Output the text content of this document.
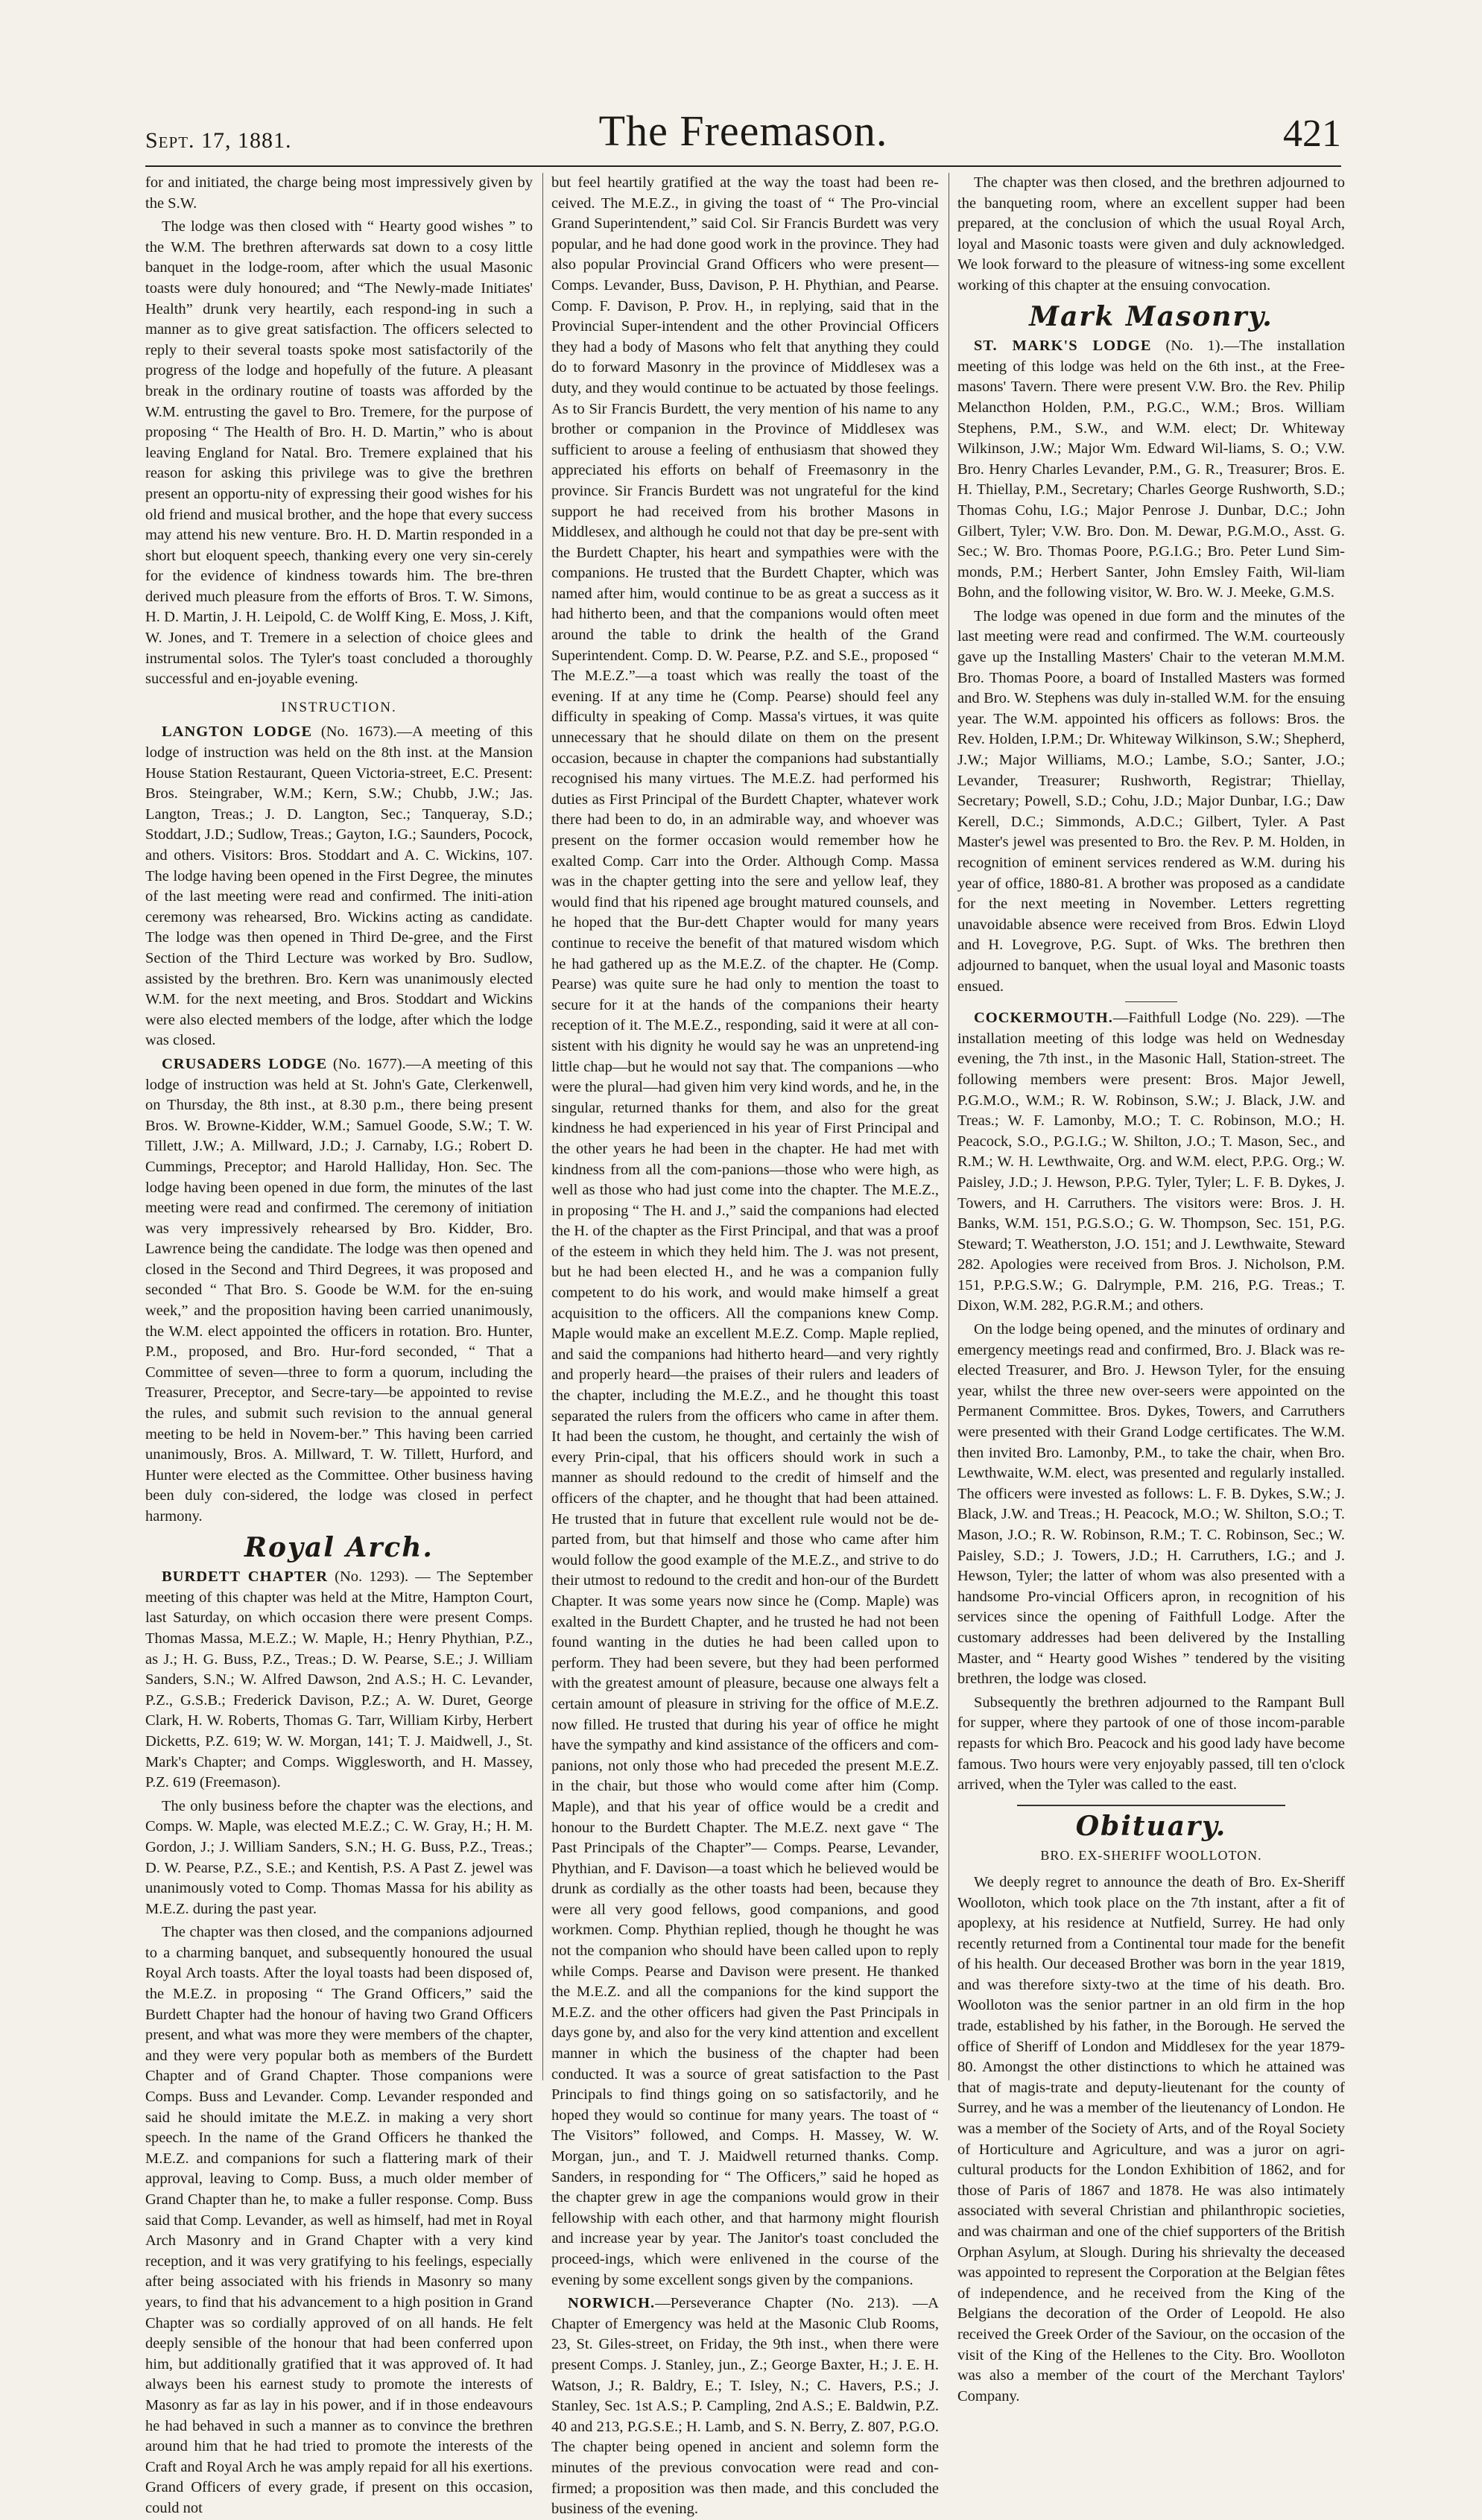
Sept. 17, 1881.	The Freemason.	421

for and initiated, the charge being most impressively given by the S.W.

The lodge was then closed with “ Hearty good wishes ” to the W.M. The brethren afterwards sat down to a cosy little banquet in the lodge-room, after which the usual Masonic toasts were duly honoured; and “The Newly-made Initiates' Health” drunk very heartily, each respond-ing in such a manner as to give great satisfaction. The officers selected to reply to their several toasts spoke most satisfactorily of the progress of the lodge and hopefully of the future. A pleasant break in the ordinary routine of toasts was afforded by the W.M. entrusting the gavel to Bro. Tremere, for the purpose of proposing “ The Health of Bro. H. D. Martin,” who is about leaving England for Natal. Bro. Tremere explained that his reason for asking this privilege was to give the brethren present an opportu-nity of expressing their good wishes for his old friend and musical brother, and the hope that every success may attend his new venture. Bro. H. D. Martin responded in a short but eloquent speech, thanking every one very sin-cerely for the evidence of kindness towards him. The bre-thren derived much pleasure from the efforts of Bros. T. W. Simons, H. D. Martin, J. H. Leipold, C. de Wolff King, E. Moss, J. Kift, W. Jones, and T. Tremere in a selection of choice glees and instrumental solos. The Tyler's toast concluded a thoroughly successful and en-joyable evening.

INSTRUCTION.

LANGTON LODGE (No. 1673).—A meeting of this lodge of instruction was held on the 8th inst. at the Mansion House Station Restaurant, Queen Victoria-street, E.C. Present: Bros. Steingraber, W.M.; Kern, S.W.; Chubb, J.W.; Jas. Langton, Treas.; J. D. Langton, Sec.; Tanqueray, S.D.; Stoddart, J.D.; Sudlow, Treas.; Gayton, I.G.; Saunders, Pocock, and others. Visitors: Bros. Stoddart and A. C. Wickins, 107. The lodge having been opened in the First Degree, the minutes of the last meeting were read and confirmed. The initi-ation ceremony was rehearsed, Bro. Wickins acting as candidate. The lodge was then opened in Third De-gree, and the First Section of the Third Lecture was worked by Bro. Sudlow, assisted by the brethren. Bro. Kern was unanimously elected W.M. for the next meeting, and Bros. Stoddart and Wickins were also elected members of the lodge, after which the lodge was closed.

CRUSADERS LODGE (No. 1677).—A meeting of this lodge of instruction was held at St. John's Gate, Clerkenwell, on Thursday, the 8th inst., at 8.30 p.m., there being present Bros. W. Browne-Kidder, W.M.; Samuel Goode, S.W.; T. W. Tillett, J.W.; A. Millward, J.D.; J. Carnaby, I.G.; Robert D. Cummings, Preceptor; and Harold Halliday, Hon. Sec. The lodge having been opened in due form, the minutes of the last meeting were read and confirmed. The ceremony of initiation was very impressively rehearsed by Bro. Kidder, Bro. Lawrence being the candidate. The lodge was then opened and closed in the Second and Third Degrees, it was proposed and seconded “ That Bro. S. Goode be W.M. for the en-suing week,” and the proposition having been carried unanimously, the W.M. elect appointed the officers in rotation. Bro. Hunter, P.M., proposed, and Bro. Hur-ford seconded, “ That a Committee of seven—three to form a quorum, including the Treasurer, Preceptor, and Secre-tary—be appointed to revise the rules, and submit such revision to the annual general meeting to be held in Novem-ber.” This having been carried unanimously, Bros. A. Millward, T. W. Tillett, Hurford, and Hunter were elected as the Committee. Other business having been duly con-sidered, the lodge was closed in perfect harmony.

Royal Arch.

BURDETT CHAPTER (No. 1293). — The September meeting of this chapter was held at the Mitre, Hampton Court, last Saturday, on which occasion there were present Comps. Thomas Massa, M.E.Z.; W. Maple, H.; Henry Phythian, P.Z., as J.; H. G. Buss, P.Z., Treas.; D. W. Pearse, S.E.; J. William Sanders, S.N.; W. Alfred Dawson, 2nd A.S.; H. C. Levander, P.Z., G.S.B.; Frederick Davison, P.Z.; A. W. Duret, George Clark, H. W. Roberts, Thomas G. Tarr, William Kirby, Herbert Dicketts, P.Z. 619; W. W. Morgan, 141; T. J. Maidwell, J., St. Mark's Chapter; and Comps. Wigglesworth, and H. Massey, P.Z. 619 (Freemason).

The only business before the chapter was the elections, and Comps. W. Maple, was elected M.E.Z.; C. W. Gray, H.; H. M. Gordon, J.; J. William Sanders, S.N.; H. G. Buss, P.Z., Treas.; D. W. Pearse, P.Z., S.E.; and Kentish, P.S. A Past Z. jewel was unanimously voted to Comp. Thomas Massa for his ability as M.E.Z. during the past year.

The chapter was then closed, and the companions adjourned to a charming banquet, and subsequently honoured the usual Royal Arch toasts. After the loyal toasts had been disposed of, the M.E.Z. in proposing “ The Grand Officers,” said the Burdett Chapter had the honour of having two Grand Officers present, and what was more they were members of the chapter, and they were very popular both as members of the Burdett Chapter and of Grand Chapter. Those companions were Comps. Buss and Levander. Comp. Levander responded and said he should imitate the M.E.Z. in making a very short speech. In the name of the Grand Officers he thanked the M.E.Z. and companions for such a flattering mark of their approval, leaving to Comp. Buss, a much older member of Grand Chapter than he, to make a fuller response. Comp. Buss said that Comp. Levander, as well as himself, had met in Royal Arch Masonry and in Grand Chapter with a very kind reception, and it was very gratifying to his feelings, especially after being associated with his friends in Masonry so many years, to find that his advancement to a high position in Grand Chapter was so cordially approved of on all hands. He felt deeply sensible of the honour that had been conferred upon him, but additionally gratified that it was approved of. It had always been his earnest study to promote the interests of Masonry as far as lay in his power, and if in those endeavours he had behaved in such a manner as to convince the brethren around him that he had tried to promote the interests of the Craft and Royal Arch he was amply repaid for all his exertions. Grand Officers of every grade, if present on this occasion, could not

but feel heartily gratified at the way the toast had been re-ceived. The M.E.Z., in giving the toast of “ The Pro-vincial Grand Superintendent,” said Col. Sir Francis Burdett was very popular, and he had done good work in the province. They had also popular Provincial Grand Officers who were present—Comps. Levander, Buss, Davison, P. H. Phythian, and Pearse. Comp. F. Davison, P. Prov. H., in replying, said that in the Provincial Super-intendent and the other Provincial Officers they had a body of Masons who felt that anything they could do to forward Masonry in the province of Middlesex was a duty, and they would continue to be actuated by those feelings. As to Sir Francis Burdett, the very mention of his name to any brother or companion in the Province of Middlesex was sufficient to arouse a feeling of enthusiasm that showed they appreciated his efforts on behalf of Freemasonry in the province. Sir Francis Burdett was not ungrateful for the kind support he had received from his brother Masons in Middlesex, and although he could not that day be pre-sent with the Burdett Chapter, his heart and sympathies were with the companions. He trusted that the Burdett Chapter, which was named after him, would continue to be as great a success as it had hitherto been, and that the companions would often meet around the table to drink the health of the Grand Superintendent. Comp. D. W. Pearse, P.Z. and S.E., proposed “ The M.E.Z.”—a toast which was really the toast of the evening. If at any time he (Comp. Pearse) should feel any difficulty in speaking of Comp. Massa's virtues, it was quite unnecessary that he should dilate on them on the present occasion, because in chapter the companions had substantially recognised his many virtues. The M.E.Z. had performed his duties as First Principal of the Burdett Chapter, whatever work there had been to do, in an admirable way, and whoever was present on the former occasion would remember how he exalted Comp. Carr into the Order. Although Comp. Massa was in the chapter getting into the sere and yellow leaf, they would find that his ripened age brought matured counsels, and he hoped that the Bur-dett Chapter would for many years continue to receive the benefit of that matured wisdom which he had gathered up as the M.E.Z. of the chapter. He (Comp. Pearse) was quite sure he had only to mention the toast to secure for it at the hands of the companions their hearty reception of it. The M.E.Z., responding, said it were at all con-sistent with his dignity he would say he was an unpretend-ing little chap—but he would not say that. The companions —who were the plural—had given him very kind words, and he, in the singular, returned thanks for them, and also for the great kindness he had experienced in his year of First Principal and the other years he had been in the chapter. He had met with kindness from all the com-panions—those who were high, as well as those who had just come into the chapter. The M.E.Z., in proposing “ The H. and J.,” said the companions had elected the H. of the chapter as the First Principal, and that was a proof of the esteem in which they held him. The J. was not present, but he had been elected H., and he was a companion fully competent to do his work, and would make himself a great acquisition to the officers. All the companions knew Comp. Maple would make an excellent M.E.Z. Comp. Maple replied, and said the companions had hitherto heard—and very rightly and properly heard—the praises of their rulers and leaders of the chapter, including the M.E.Z., and he thought this toast separated the rulers from the officers who came in after them. It had been the custom, he thought, and certainly the wish of every Prin-cipal, that his officers should work in such a manner as should redound to the credit of himself and the officers of the chapter, and he thought that had been attained. He trusted that in future that excellent rule would not be de-parted from, but that himself and those who came after him would follow the good example of the M.E.Z., and strive to do their utmost to redound to the credit and hon-our of the Burdett Chapter. It was some years now since he (Comp. Maple) was exalted in the Burdett Chapter, and he trusted he had not been found wanting in the duties he had been called upon to perform. They had been severe, but they had been performed with the greatest amount of pleasure, because one always felt a certain amount of pleasure in striving for the office of M.E.Z. now filled. He trusted that during his year of office he might have the sympathy and kind assistance of the officers and com-panions, not only those who had preceded the present M.E.Z. in the chair, but those who would come after him (Comp. Maple), and that his year of office would be a credit and honour to the Burdett Chapter. The M.E.Z. next gave “ The Past Principals of the Chapter”— Comps. Pearse, Levander, Phythian, and F. Davison—a toast which he believed would be drunk as cordially as the other toasts had been, because they were all very good fellows, good companions, and good workmen. Comp. Phythian replied, though he thought he was not the companion who should have been called upon to reply while Comps. Pearse and Davison were present. He thanked the M.E.Z. and all the companions for the kind support the M.E.Z. and the other officers had given the Past Principals in days gone by, and also for the very kind attention and excellent manner in which the business of the chapter had been conducted. It was a source of great satisfaction to the Past Principals to find things going on so satisfactorily, and he hoped they would so continue for many years. The toast of “ The Visitors” followed, and Comps. H. Massey, W. W. Morgan, jun., and T. J. Maidwell returned thanks. Comp. Sanders, in responding for “ The Officers,” said he hoped as the chapter grew in age the companions would grow in their fellowship with each other, and that harmony might flourish and increase year by year. The Janitor's toast concluded the proceed-ings, which were enlivened in the course of the evening by some excellent songs given by the companions.

NORWICH.—Perseverance Chapter (No. 213). —A Chapter of Emergency was held at the Masonic Club Rooms, 23, St. Giles-street, on Friday, the 9th inst., when there were present Comps. J. Stanley, jun., Z.; George Baxter, H.; J. E. H. Watson, J.; R. Baldry, E.; T. Isley, N.; C. Havers, P.S.; J. Stanley, Sec. 1st A.S.; P. Campling, 2nd A.S.; E. Baldwin, P.Z. 40 and 213, P.G.S.E.; H. Lamb, and S. N. Berry, Z. 807, P.G.O. The chapter being opened in ancient and solemn form the minutes of the previous convocation were read and con-firmed; a proposition was then made, and this concluded the business of the evening.

The chapter was then closed, and the brethren adjourned to the banqueting room, where an excellent supper had been prepared, at the conclusion of which the usual Royal Arch, loyal and Masonic toasts were given and duly acknowledged. We look forward to the pleasure of witness-ing some excellent working of this chapter at the ensuing convocation.

Mark Masonry.

ST. MARK'S LODGE (No. 1).—The installation meeting of this lodge was held on the 6th inst., at the Free-masons' Tavern. There were present V.W. Bro. the Rev. Philip Melancthon Holden, P.M., P.G.C., W.M.; Bros. William Stephens, P.M., S.W., and W.M. elect; Dr. Whiteway Wilkinson, J.W.; Major Wm. Edward Wil-liams, S. O.; V.W. Bro. Henry Charles Levander, P.M., G. R., Treasurer; Bros. E. H. Thiellay, P.M., Secretary; Charles George Rushworth, S.D.; Thomas Cohu, I.G.; Major Penrose J. Dunbar, D.C.; John Gilbert, Tyler; V.W. Bro. Don. M. Dewar, P.G.M.O., Asst. G. Sec.; W. Bro. Thomas Poore, P.G.I.G.; Bro. Peter Lund Sim-monds, P.M.; Herbert Santer, John Emsley Faith, Wil-liam Bohn, and the following visitor, W. Bro. W. J. Meeke, G.M.S.

The lodge was opened in due form and the minutes of the last meeting were read and confirmed. The W.M. courteously gave up the Installing Masters' Chair to the veteran M.M.M. Bro. Thomas Poore, a board of Installed Masters was formed and Bro. W. Stephens was duly in-stalled W.M. for the ensuing year. The W.M. appointed his officers as follows: Bros. the Rev. Holden, I.P.M.; Dr. Whiteway Wilkinson, S.W.; Shepherd, J.W.; Major Williams, M.O.; Lambe, S.O.; Santer, J.O.; Levander, Treasurer; Rushworth, Registrar; Thiellay, Secretary; Powell, S.D.; Cohu, J.D.; Major Dunbar, I.G.; Daw Kerell, D.C.; Simmonds, A.D.C.; Gilbert, Tyler. A Past Master's jewel was presented to Bro. the Rev. P. M. Holden, in recognition of eminent services rendered as W.M. during his year of office, 1880-81. A brother was proposed as a candidate for the next meeting in November. Letters regretting unavoidable absence were received from Bros. Edwin Lloyd and H. Lovegrove, P.G. Supt. of Wks. The brethren then adjourned to banquet, when the usual loyal and Masonic toasts ensued.

COCKERMOUTH.—Faithfull Lodge (No. 229). —The installation meeting of this lodge was held on Wednesday evening, the 7th inst., in the Masonic Hall, Station-street. The following members were present: Bros. Major Jewell, P.G.M.O., W.M.; R. W. Robinson, S.W.; J. Black, J.W. and Treas.; W. F. Lamonby, M.O.; T. C. Robinson, M.O.; H. Peacock, S.O., P.G.I.G.; W. Shilton, J.O.; T. Mason, Sec., and R.M.; W. H. Lewthwaite, Org. and W.M. elect, P.P.G. Org.; W. Paisley, J.D.; J. Hewson, P.P.G. Tyler, Tyler; L. F. B. Dykes, J. Towers, and H. Carruthers. The visitors were: Bros. J. H. Banks, W.M. 151, P.G.S.O.; G. W. Thompson, Sec. 151, P.G. Steward; T. Weatherston, J.O. 151; and J. Lewthwaite, Steward 282. Apologies were received from Bros. J. Nicholson, P.M. 151, P.P.G.S.W.; G. Dalrymple, P.M. 216, P.G. Treas.; T. Dixon, W.M. 282, P.G.R.M.; and others.

On the lodge being opened, and the minutes of ordinary and emergency meetings read and confirmed, Bro. J. Black was re-elected Treasurer, and Bro. J. Hewson Tyler, for the ensuing year, whilst the three new over-seers were appointed on the Permanent Committee. Bros. Dykes, Towers, and Carruthers were presented with their Grand Lodge certificates. The W.M. then invited Bro. Lamonby, P.M., to take the chair, when Bro. Lewthwaite, W.M. elect, was presented and regularly installed. The officers were invested as follows: L. F. B. Dykes, S.W.; J. Black, J.W. and Treas.; H. Peacock, M.O.; W. Shilton, S.O.; T. Mason, J.O.; R. W. Robinson, R.M.; T. C. Robinson, Sec.; W. Paisley, S.D.; J. Towers, J.D.; H. Carruthers, I.G.; and J. Hewson, Tyler; the latter of whom was also presented with a handsome Pro-vincial Officers apron, in recognition of his services since the opening of Faithfull Lodge. After the customary addresses had been delivered by the Installing Master, and “ Hearty good Wishes ” tendered by the visiting brethren, the lodge was closed.

Subsequently the brethren adjourned to the Rampant Bull for supper, where they partook of one of those incom-parable repasts for which Bro. Peacock and his good lady have become famous. Two hours were very enjoyably passed, till ten o'clock arrived, when the Tyler was called to the east.

Obituary.
BRO. EX-SHERIFF WOOLLOTON.

We deeply regret to announce the death of Bro. Ex-Sheriff Woolloton, which took place on the 7th instant, after a fit of apoplexy, at his residence at Nutfield, Surrey. He had only recently returned from a Continental tour made for the benefit of his health. Our deceased Brother was born in the year 1819, and was therefore sixty-two at the time of his death. Bro. Woolloton was the senior partner in an old firm in the hop trade, established by his father, in the Borough. He served the office of Sheriff of London and Middlesex for the year 1879-80. Amongst the other distinctions to which he attained was that of magis-trate and deputy-lieutenant for the county of Surrey, and he was a member of the lieutenancy of London. He was a member of the Society of Arts, and of the Royal Society of Horticulture and Agriculture, and was a juror on agri-cultural products for the London Exhibition of 1862, and for those of Paris of 1867 and 1878. He was also intimately associated with several Christian and philanthropic societies, and was chairman and one of the chief supporters of the British Orphan Asylum, at Slough. During his shrievalty the deceased was appointed to represent the Corporation at the Belgian fêtes of independence, and he received from the King of the Belgians the decoration of the Order of Leopold. He also received the Greek Order of the Saviour, on the occasion of the visit of the King of the Hellenes to the City. Bro. Woolloton was also a member of the court of the Merchant Taylors' Company.
